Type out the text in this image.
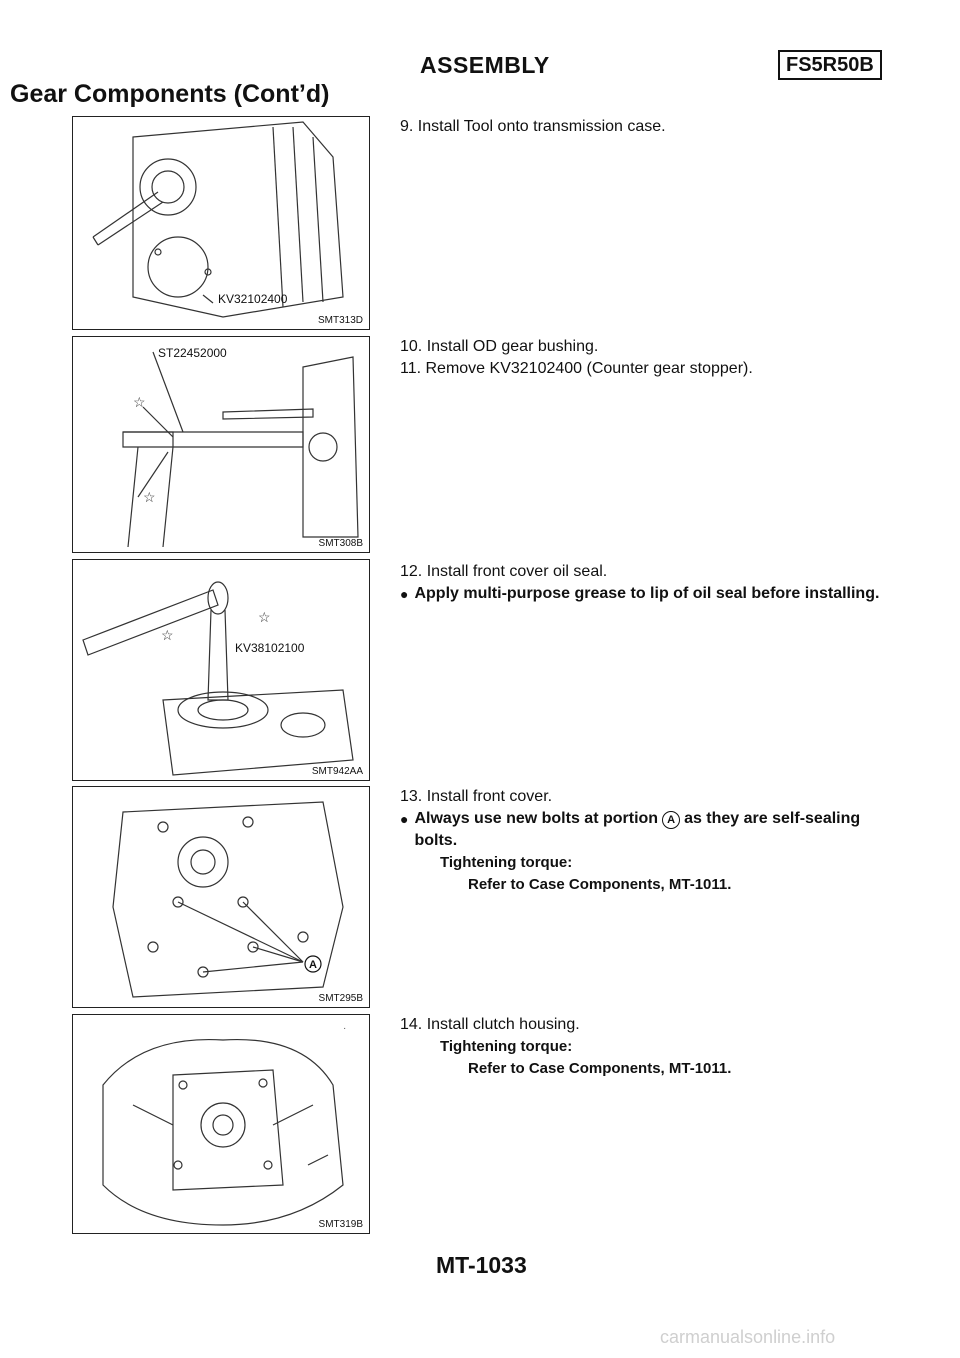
ASSEMBLY	FS5R50B
Gear Components (Cont’d)
KV32102400
SMT313D
ST22452000
☆
☆
SMT308B
KV38102100
☆
☆
SMT942AA
A
SMT295B
·
SMT319B
9. Install Tool onto transmission case.
10. Install OD gear bushing.
11. Remove KV32102400 (Counter gear stopper).
12. Install front cover oil seal.
● Apply multi-purpose grease to lip of oil seal before installing.
13. Install front cover.
● Always use new bolts at portion A as they are self-sealing bolts.
Tightening torque:
Refer to Case Components, MT-1011.
14. Install clutch housing.
Tightening torque:
Refer to Case Components, MT-1011.
MT-1033
carmanualsonline.info
